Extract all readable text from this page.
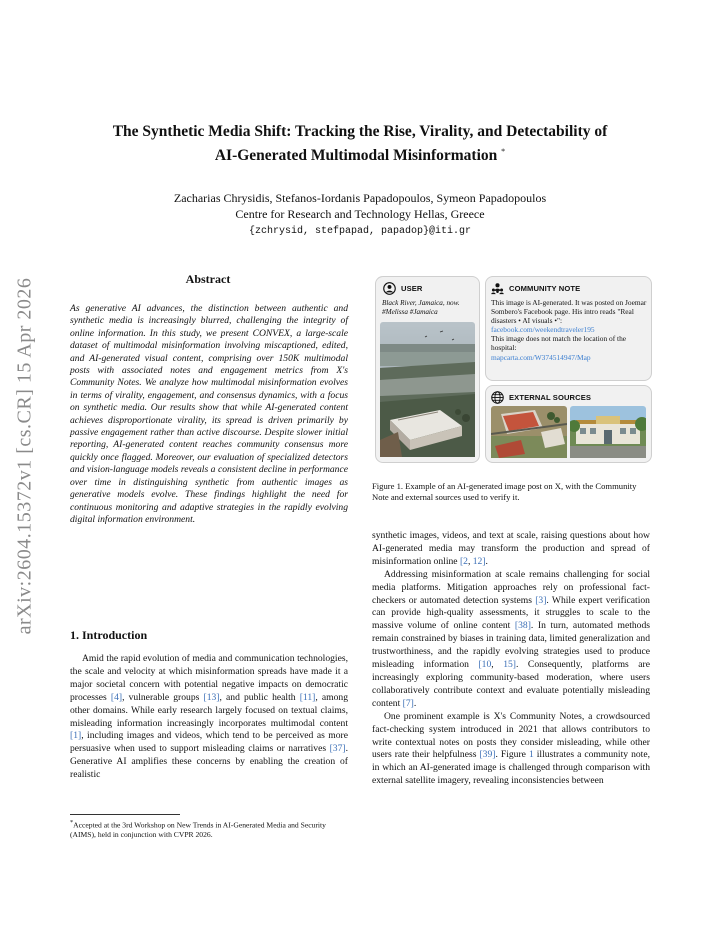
The Synthetic Media Shift: Tracking the Rise, Virality, and Detectability of
AI-Generated Multimodal Misinformation *
Zacharias Chrysidis, Stefanos-Iordanis Papadopoulos, Symeon Papadopoulos
Centre for Research and Technology Hellas, Greece
{zchrysid, stefpapad, papadop}@iti.gr
arXiv:2604.15372v1 [cs.CR] 15 Apr 2026	Abstract
As generative AI advances, the distinction between authentic and synthetic media is increasingly blurred, challenging the integrity of online information. In this study, we present CONVEX, a large-scale dataset of multimodal misinformation involving miscaptioned, edited, and AI-generated visual content, comprising over 150K multimodal posts with associated notes and engagement metrics from X's Community Notes. We analyze how multimodal misinformation evolves in terms of virality, engagement, and consensus dynamics, with a focus on synthetic media. Our results show that while AI-generated content achieves disproportionate virality, its spread is driven primarily by passive engagement rather than active discourse. Despite slower initial reporting, AI-generated content reaches community consensus more quickly once flagged. Moreover, our evaluation of specialized detectors and vision-language models reveals a consistent decline in performance over time in distinguishing synthetic from authentic images as generative models evolve. These findings highlight the need for continuous monitoring and adaptive strategies in the rapidly evolving digital information environment.
1. Introduction

Amid the rapid evolution of media and communication technologies, the scale and velocity at which misinformation spreads have made it a major societal concern with potential negative impacts on democratic processes [4], vulnerable groups [13], and public health [11], among other domains. While early research largely focused on textual claims, misleading information increasingly incorporates multimodal content [1], including images and videos, which tend to be perceived as more persuasive when used to support misleading claims or narratives [37]. Generative AI amplifies these concerns by enabling the creation of realistic

*Accepted at the 3rd Workshop on New Trends in AI-Generated Media and Security (AIMS), held in conjunction with CVPR 2026.
USER
Black River, Jamaica, now. #Melissa #Jamaica
COMMUNITY NOTE
This image is AI-generated. It was posted on Joemar Sombero's Facebook page. His intro reads "Real disasters • AI visuals •": facebook.com/weekendtraveler195
This image does not match the location of the hospital:
mapcarta.com/W374514947/Map
EXTERNAL SOURCES
Figure 1. Example of an AI-generated image post on X, with the Community Note and external sources used to verify it.

synthetic images, videos, and text at scale, raising questions about how AI-generated media may transform the production and spread of misinformation online [2, 12].

Addressing misinformation at scale remains challenging for social media platforms. Mitigation approaches rely on professional fact-checkers or automated detection systems [3]. While expert verification can provide high-quality assessments, it struggles to scale to the massive volume of online content [38]. In turn, automated methods remain constrained by biases in training data, limited generalization and trustworthiness, and the rapidly evolving strategies used to produce misleading information [10, 15]. Consequently, platforms are increasingly exploring community-based moderation, where users collaboratively contribute context and evaluate potentially misleading content [7].

One prominent example is X's Community Notes, a crowdsourced fact-checking system introduced in 2021 that allows contributors to write contextual notes on posts they consider misleading, while other users rate their helpfulness [39]. Figure 1 illustrates a community note, in which an AI-generated image is challenged through comparison with external satellite imagery, revealing inconsistencies between
